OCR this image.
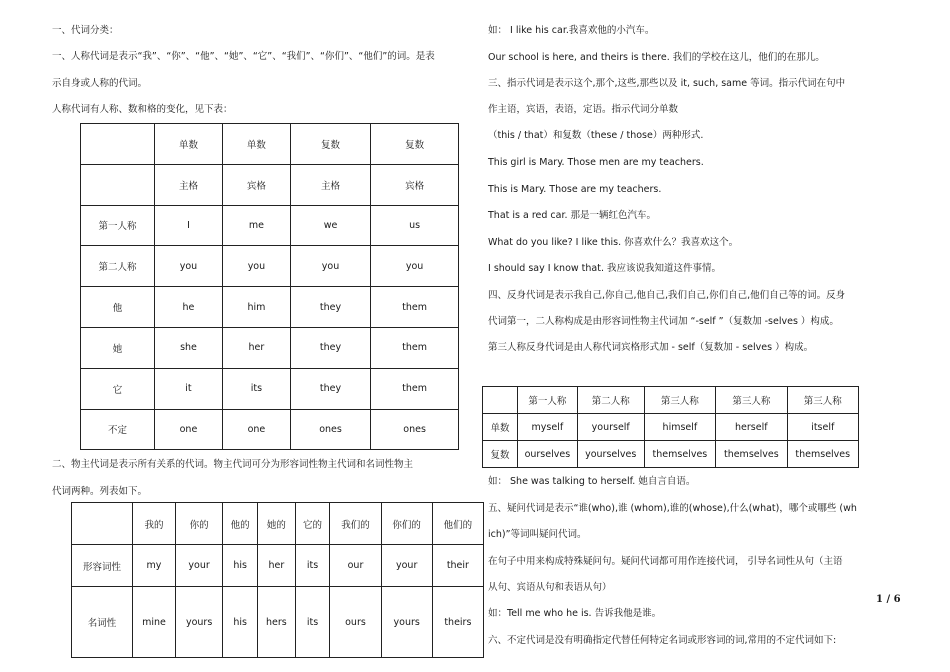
一、代词分类：
一、人称代词是表示“我”、“你”、“他”、“她”、“它”、“我们”、“你们”、“他们”的词。是表
示自身或人称的代词。
人称代词有人称、数和格的变化，见下表：
	单数	单数	复数	复数
	主格	宾格	主格	宾格
第一人称	I	me	we	us
第二人称	you	you	you	you
他	he	him	they	them
她	she	her	they	them
它	it	its	they	them
不定	one	one	ones	ones
二、物主代词是表示所有关系的代词。物主代词可分为形容词性物主代词和名词性物主
代词两种。列表如下。
	我的	你的	他的	她的	它的	我们的	你们的	他们的
形容词性	my	your	his	her	its	our	your	their
名词性	mine	yours	his	hers	its	ours	yours	theirs
如： I like his car.我喜欢他的小汽车。
Our school is here, and theirs is there. 我们的学校在这儿，他们的在那儿。
三、指示代词是表示这个,那个,这些,那些以及 it, such, same 等词。指示代词在句中
作主语，宾语，表语，定语。指示代词分单数
（this / that）和复数（these / those）两种形式.
This girl is Mary. Those men are my teachers.
This is Mary. Those are my teachers.
That is a red car. 那是一辆红色汽车。
What do you like? I like this. 你喜欢什么？我喜欢这个。
I should say I know that. 我应该说我知道这件事情。
四、反身代词是表示我自己,你自己,他自己,我们自己,你们自己,他们自己等的词。反身
代词第一，二人称构成是由形容词性物主代词加 “-self ”（复数加 -selves ）构成。
第三人称反身代词是由人称代词宾格形式加 - self（复数加 - selves ）构成。
	第一人称	第二人称	第三人称	第三人称	第三人称
单数	myself	yourself	himself	herself	itself
复数	ourselves	yourselves	themselves	themselves	themselves
如： She was talking to herself. 她自言自语。
五、疑问代词是表示“谁(who),谁 (whom),谁的(whose),什么(what)，哪个或哪些 (wh
ich)”等词叫疑问代词。
在句子中用来构成特殊疑问句。疑问代词都可用作连接代词， 引导名词性从句（主语
从句、宾语从句和表语从句）
如：Tell me who he is. 告诉我他是谁。
六、不定代词是没有明确指定代替任何特定名词或形容词的词,常用的不定代词如下:
1 / 6
